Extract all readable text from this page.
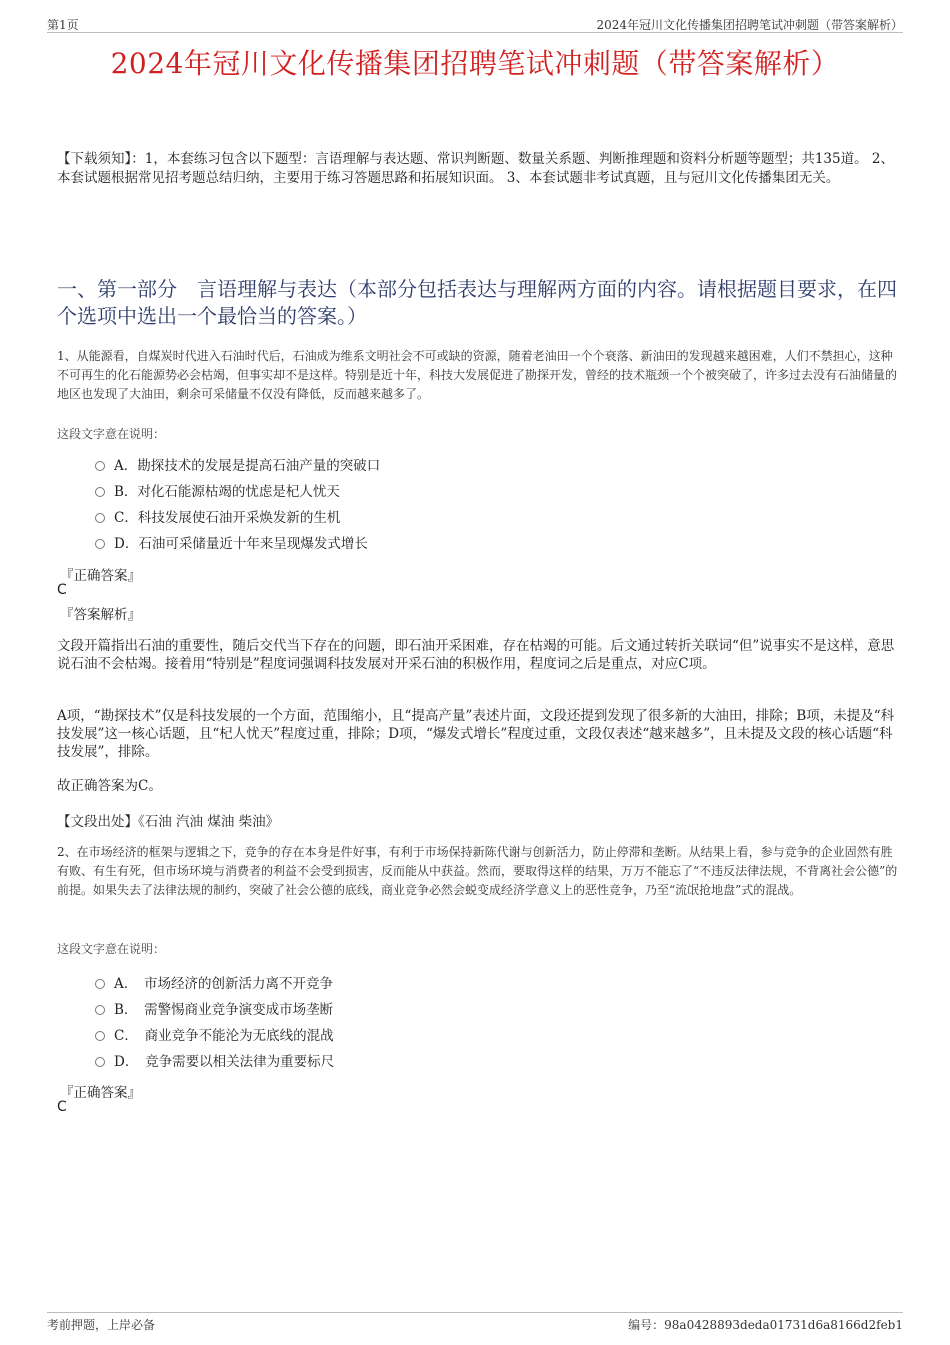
第1页	2024年冠川文化传播集团招聘笔试冲刺题（带答案解析）
2024年冠川文化传播集团招聘笔试冲刺题（带答案解析）
【下载须知】：1，本套练习包含以下题型：言语理解与表达题、常识判断题、数量关系题、判断推理题和资料分析题等题型；共135道。 2、本套试题根据常见招考题总结归纳，主要用于练习答题思路和拓展知识面。 3、本套试题非考试真题，且与冠川文化传播集团无关。
一、第一部分　言语理解与表达（本部分包括表达与理解两方面的内容。请根据题目要求，在四个选项中选出一个最恰当的答案。）
1、从能源看，自煤炭时代进入石油时代后，石油成为维系文明社会不可或缺的资源，随着老油田一个个衰落、新油田的发现越来越困难，人们不禁担心，这种不可再生的化石能源势必会枯竭，但事实却不是这样。特别是近十年，科技大发展促进了勘探开发，曾经的技术瓶颈一个个被突破了，许多过去没有石油储量的地区也发现了大油田，剩余可采储量不仅没有降低，反而越来越多了。
这段文字意在说明：
A．勘探技术的发展是提高石油产量的突破口
B．对化石能源枯竭的忧虑是杞人忧天
C．科技发展使石油开采焕发新的生机
D．石油可采储量近十年来呈现爆发式增长
『正确答案』
C
『答案解析』
文段开篇指出石油的重要性，随后交代当下存在的问题，即石油开采困难，存在枯竭的可能。后文通过转折关联词“但”说事实不是这样，意思说石油不会枯竭。接着用“特别是”程度词强调科技发展对开采石油的积极作用，程度词之后是重点，对应C项。
A项，“勘探技术”仅是科技发展的一个方面，范围缩小，且“提高产量”表述片面，文段还提到发现了很多新的大油田，排除；B项，未提及“科技发展”这一核心话题，且“杞人忧天”程度过重，排除；D项，“爆发式增长”程度过重，文段仅表述“越来越多”，且未提及文段的核心话题“科技发展”，排除。
故正确答案为C。
【文段出处】《石油 汽油 煤油 柴油》
2、在市场经济的框架与逻辑之下，竞争的存在本身是件好事，有利于市场保持新陈代谢与创新活力，防止停滞和垄断。从结果上看，参与竞争的企业固然有胜有败、有生有死，但市场环境与消费者的利益不会受到损害，反而能从中获益。然而，要取得这样的结果，万万不能忘了“不违反法律法规，不背离社会公德”的前提。如果失去了法律法规的制约，突破了社会公德的底线，商业竞争必然会蜕变成经济学意义上的恶性竞争，乃至“流氓抢地盘”式的混战。
这段文字意在说明：
A．　市场经济的创新活力离不开竞争
B．　需警惕商业竞争演变成市场垄断
C．　商业竞争不能沦为无底线的混战
D．　竞争需要以相关法律为重要标尺
『正确答案』
C
考前押题，上岸必备	编号：98a0428893deda01731d6a8166d2feb1
